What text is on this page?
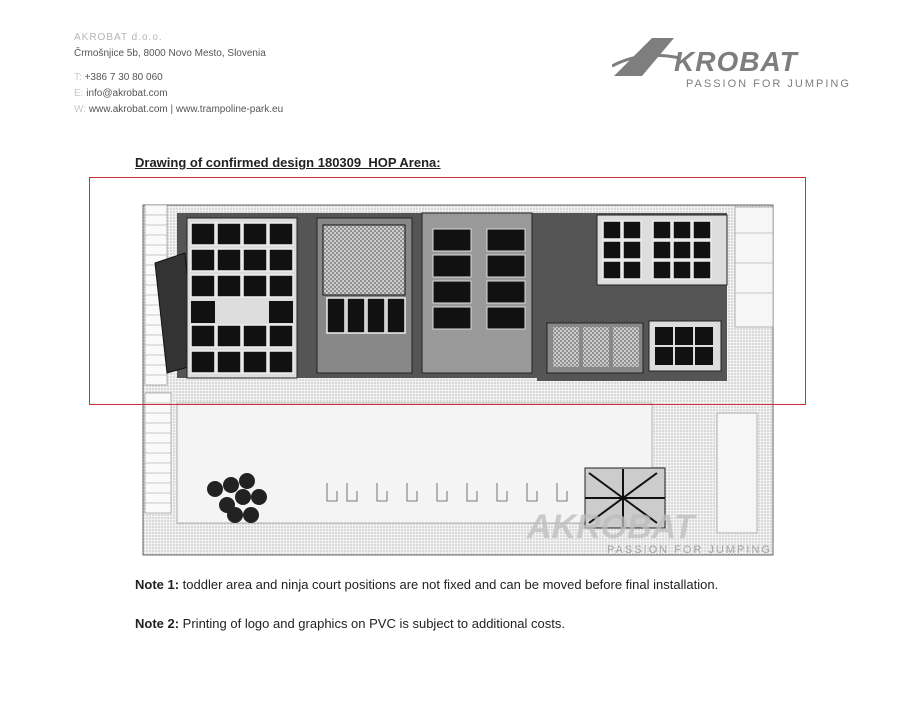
AKROBAT d.o.o.
Črmošnjice 5b, 8000 Novo Mesto, Slovenia
T: +386 7 30 80 060
E: info@akrobat.com
W: www.akrobat.com | www.trampoline-park.eu
KROBAT
PASSION FOR JUMPING
Drawing of confirmed design 180309_HOP Arena:
AKROBAT
PASSION FOR JUMPING
Note 1: toddler area and ninja court positions are not fixed and can be moved before final installation.
Note 2: Printing of logo and graphics on PVC is subject to additional costs.
